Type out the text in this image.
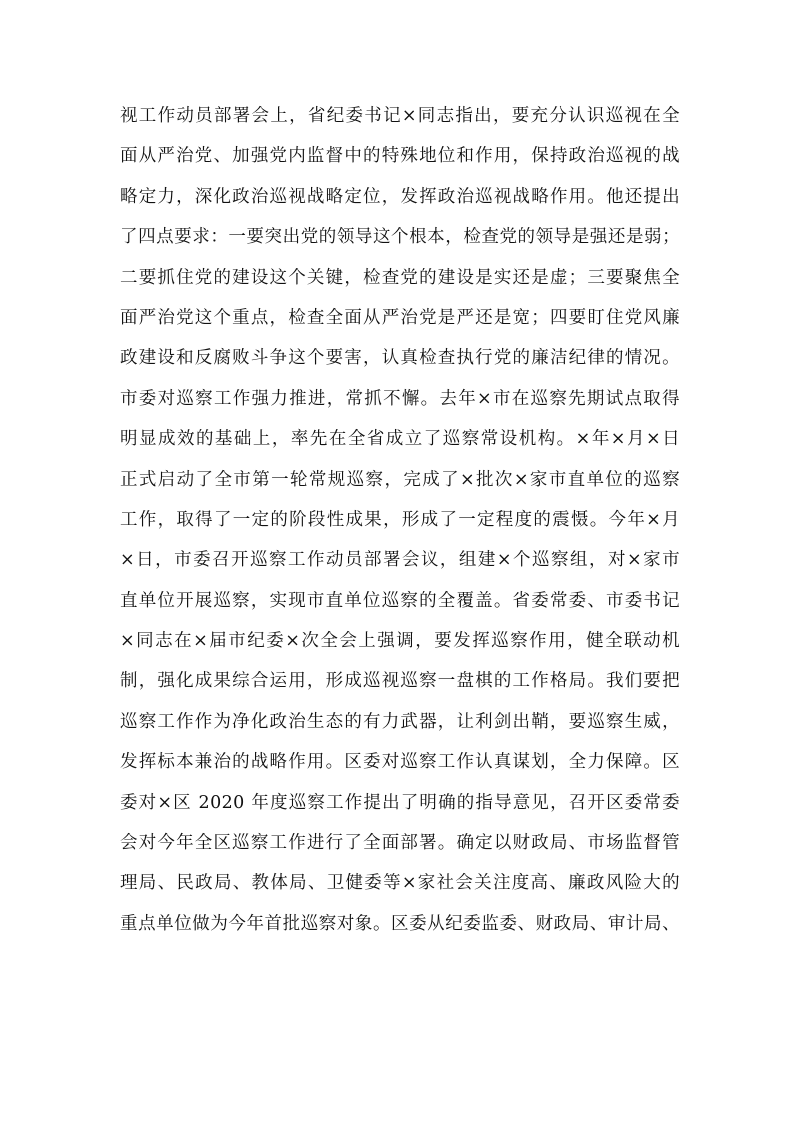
视工作动员部署会上，省纪委书记×同志指出，要充分认识巡视在全
面从严治党、加强党内监督中的特殊地位和作用，保持政治巡视的战
略定力，深化政治巡视战略定位，发挥政治巡视战略作用。他还提出
了四点要求：一要突出党的领导这个根本，检查党的领导是强还是弱；
二要抓住党的建设这个关键，检查党的建设是实还是虚；三要聚焦全
面严治党这个重点，检查全面从严治党是严还是宽；四要盯住党风廉
政建设和反腐败斗争这个要害，认真检查执行党的廉洁纪律的情况。
市委对巡察工作强力推进，常抓不懈。去年×市在巡察先期试点取得
明显成效的基础上，率先在全省成立了巡察常设机构。×年×月×日
正式启动了全市第一轮常规巡察，完成了×批次×家市直单位的巡察
工作，取得了一定的阶段性成果，形成了一定程度的震慑。今年×月
×日，市委召开巡察工作动员部署会议，组建×个巡察组，对×家市
直单位开展巡察，实现市直单位巡察的全覆盖。省委常委、市委书记
×同志在×届市纪委×次全会上强调，要发挥巡察作用，健全联动机
制，强化成果综合运用，形成巡视巡察一盘棋的工作格局。我们要把
巡察工作作为净化政治生态的有力武器，让利剑出鞘，要巡察生威，
发挥标本兼治的战略作用。区委对巡察工作认真谋划，全力保障。区
委对×区 2020 年度巡察工作提出了明确的指导意见，召开区委常委
会对今年全区巡察工作进行了全面部署。确定以财政局、市场监督管
理局、民政局、教体局、卫健委等×家社会关注度高、廉政风险大的
重点单位做为今年首批巡察对象。区委从纪委监委、财政局、审计局、
